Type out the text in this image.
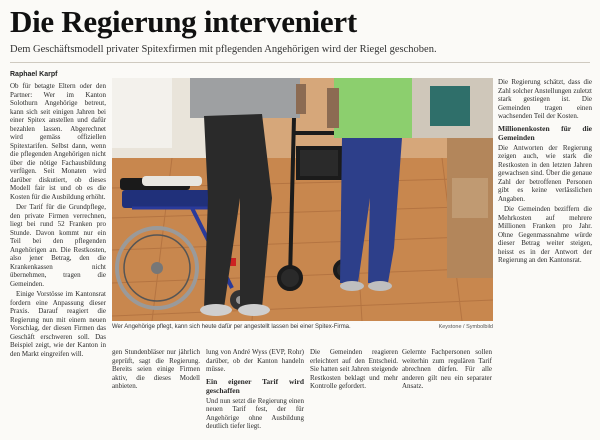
Die Regierung interveniert
Dem Geschäftsmodell privater Spitexfirmen mit pflegenden Angehörigen wird der Riegel geschoben.
Raphael Karpf

Ob für betagte Eltern oder den Partner: Wer im Kanton Solothurn Angehörige betreut, kann sich seit einigen Jahren bei einer Spitex anstellen und dafür bezahlen lassen. Abgerechnet wird gemäss offiziellen Spitextarifen. Selbst dann, wenn die pflegenden Angehörigen nicht über die nötige Fachausbildung verfügen. Seit Monaten wird darüber diskutiert, ob dieses Modell fair ist und ob es die Kosten für die Ausbildung erhöht.

Der Tarif für die Grundpflege, den private Firmen verrechnen, liegt bei rund 52 Franken pro Stunde. Davon kommt nur ein Teil bei den pflegenden Angehörigen an. Die Restkosten, also jener Betrag, den die Krankenkassen nicht übernehmen, tragen die Gemeinden.

Einige Vorstösse im Kantonsrat fordern eine Anpassung dieser Praxis. Darauf reagiert die Regierung nun mit einem neuen Vorschlag, der diesen Firmen das Geschäft erschweren soll. Das Beispiel zeigt, wie der Kanton in den Markt eingreifen will.

Wer Angehörige pflegt, kann sich heute dafür per angestellt lassen bei einer Spitex-Firma.	Keystone / Symbolbild

gen Stundenbläser nur jährlich geprüft, sagt die Regierung. Bereits seien einige Firmen aktiv, die dieses Modell anbieten.

lung von André Wyss (EVP, Rohr) darüber, ob der Kanton handeln müsse.

Ein eigener Tarif wird geschaffen

Und nun setzt die Regierung einen neuen Tarif fest, der für Angehörige ohne Ausbildung deutlich tiefer liegt.

Die Gemeinden reagieren erleichtert auf den Entscheid. Sie hatten seit Jahren steigende Restkosten beklagt und mehr Kontrolle gefordert.

Gelernte Fachpersonen sollen weiterhin zum regulären Tarif abrechnen dürfen. Für alle anderen gilt neu ein separater Ansatz.

Die Regierung schätzt, dass die Zahl solcher Anstellungen zuletzt stark gestiegen ist. Die Gemeinden tragen einen wachsenden Teil der Kosten.

Millionenkosten für die Gemeinden

Die Antworten der Regierung zeigen auch, wie stark die Restkosten in den letzten Jahren gewachsen sind. Über die genaue Zahl der betroffenen Personen gibt es keine verlässlichen Angaben.

Die Gemeinden beziffern die Mehrkosten auf mehrere Millionen Franken pro Jahr. Ohne Gegenmassnahme würde dieser Betrag weiter steigen, heisst es in der Antwort der Regierung an den Kantonsrat.
